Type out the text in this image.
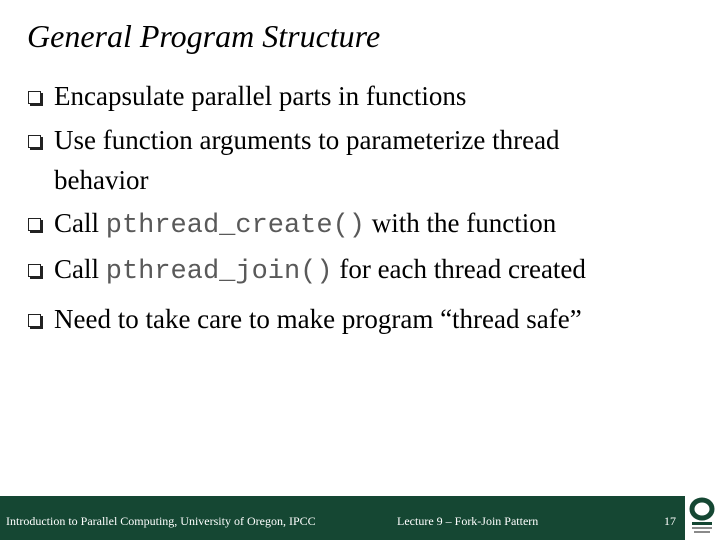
General Program Structure
Encapsulate parallel parts in functions
Use function arguments to parameterize thread
behavior
Call pthread_create() with the function
Call pthread_join() for each thread created
Need to take care to make program “thread safe”
Introduction to Parallel Computing, University of Oregon, IPCC	Lecture 9 – Fork-Join Pattern	17
